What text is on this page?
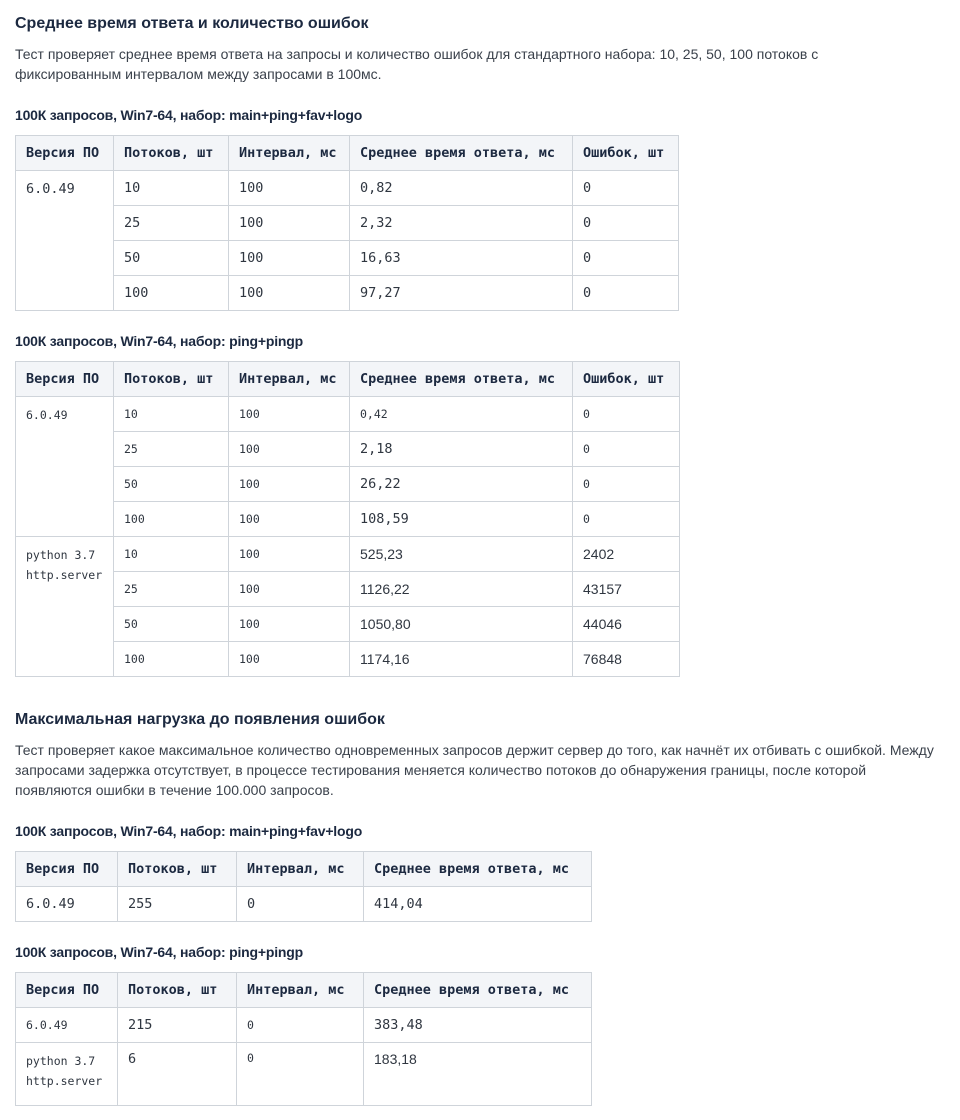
Среднее время ответа и количество ошибок

Тест проверяет среднее время ответа на запросы и количество ошибок для стандартного набора: 10, 25, 50, 100 потоков с фиксированным интервалом между запросами в 100мс.

100К запросов, Win7-64, набор: main+ping+fav+logo
Версия ПО	Потоков, шт	Интервал, мс	Среднее время ответа, мс	Ошибок, шт
6.0.49	10	100	0,82	0
	25	100	2,32	0
	50	100	16,63	0
	100	100	97,27	0
100К запросов, Win7-64, набор: ping+pingp
Версия ПО	Потоков, шт	Интервал, мс	Среднее время ответа, мс	Ошибок, шт

6.0.49	10	100	0,42	0
	25	100	2,18	0
	50	100	26,22	0
	100	100	108,59	0

python 3.7
http.server	10	100	525,23	2402
	25	100	1126,22	43157
	50	100	1050,80	44046
	100	100	1174,16	76848
Максимальная нагрузка до появления ошибок

Тест проверяет какое максимальное количество одновременных запросов держит сервер до того, как начнёт их отбивать с ошибкой. Между запросами задержка отсутствует, в процессе тестирования меняется количество потоков до обнаружения границы, после которой появляются ошибки в течение 100.000 запросов.

100К запросов, Win7-64, набор: main+ping+fav+logo
Версия ПО	Потоков, шт	Интервал, мс	Среднее время ответа, мс
6.0.49	255	0	414,04
100К запросов, Win7-64, набор: ping+pingp
Версия ПО	Потоков, шт	Интервал, мс	Среднее время ответа, мс

6.0.49	215	0	383,48

python 3.7
http.server	6	0	183,18
